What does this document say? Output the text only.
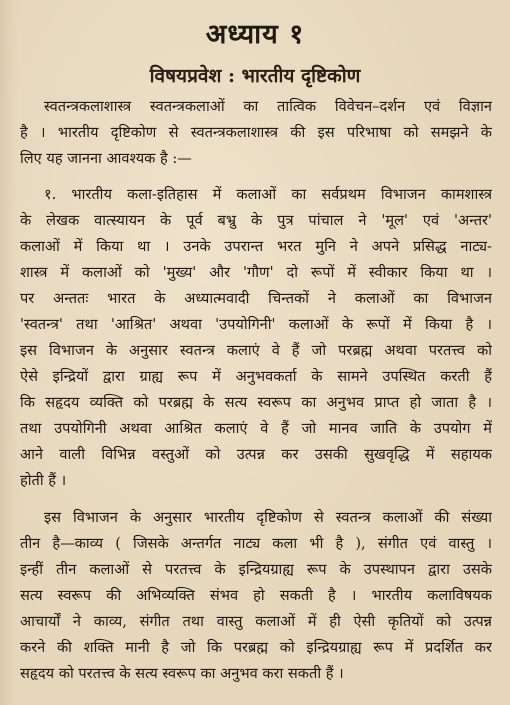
अध्याय १
विषयप्रवेश : भारतीय दृष्टिकोण
स्वतन्त्रकलाशास्त्र स्वतन्त्रकलाओं का तात्विक विवेचन–दर्शन एवं विज्ञान
है । भारतीय दृष्टिकोण से स्वतन्त्रकलाशास्त्र की इस परिभाषा को समझने के
लिए यह जानना आवश्यक है :—
१. भारतीय कला-इतिहास में कलाओं का सर्वप्रथम विभाजन कामशास्त्र
के लेखक वात्स्यायन के पूर्व बभ्रु के पुत्र पांचाल ने 'मूल' एवं 'अन्तर'
कलाओं में किया था । उनके उपरान्त भरत मुनि ने अपने प्रसिद्ध नाट्य-
शास्त्र में कलाओं को 'मुख्य' और 'गौण' दो रूपों में स्वीकार किया था ।
पर अन्ततः भारत के अध्यात्मवादी चिन्तकों ने कलाओं का विभाजन
'स्वतन्त्र' तथा 'आश्रित' अथवा 'उपयोगिनी' कलाओं के रूपों में किया है ।
इस विभाजन के अनुसार स्वतन्त्र कलाएं वे हैं जो परब्रह्म अथवा परतत्त्व को
ऐसे इन्द्रियों द्वारा ग्राह्य रूप में अनुभवकर्ता के सामने उपस्थित करती हैं
कि सहृदय व्यक्ति को परब्रह्म के सत्य स्वरूप का अनुभव प्राप्त हो जाता है ।
तथा उपयोगिनी अथवा आश्रित कलाएं वे हैं जो मानव जाति के उपयोग में
आने वाली विभिन्न वस्तुओं को उत्पन्न कर उसकी सुखवृद्धि में सहायक
होती हैं ।
इस विभाजन के अनुसार भारतीय दृष्टिकोण से स्वतन्त्र कलाओं की संख्या
तीन है—काव्य ( जिसके अन्तर्गत नाट्य कला भी है ), संगीत एवं वास्तु ।
इन्हीं तीन कलाओं से परतत्त्व के इन्द्रियग्राह्य रूप के उपस्थापन द्वारा उसके
सत्य स्वरूप की अभिव्यक्ति संभव हो सकती है । भारतीय कलाविषयक
आचार्यों ने काव्य, संगीत तथा वास्तु कलाओं में ही ऐसी कृतियों को उत्पन्न
करने की शक्ति मानी है जो कि परब्रह्म को इन्द्रियग्राह्य रूप में प्रदर्शित कर
सहृदय को परतत्त्व के सत्य स्वरूप का अनुभव करा सकती हैं ।
